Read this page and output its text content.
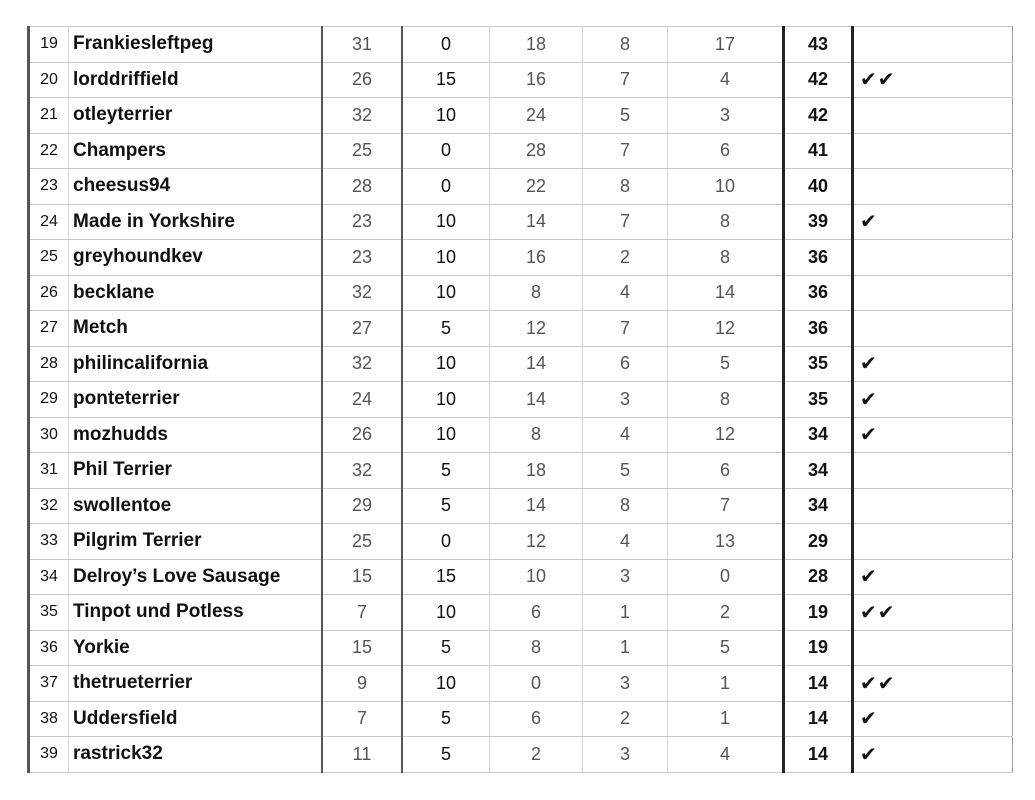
19	Frankiesleftpeg	31	0	18	8	17	43	
20	lorddriffield	26	15	16	7	4	42	✔✔
21	otleyterrier	32	10	24	5	3	42	
22	Champers	25	0	28	7	6	41	
23	cheesus94	28	0	22	8	10	40	
24	Made in Yorkshire	23	10	14	7	8	39	✔
25	greyhoundkev	23	10	16	2	8	36	
26	becklane	32	10	8	4	14	36	
27	Metch	27	5	12	7	12	36	
28	philincalifornia	32	10	14	6	5	35	✔
29	ponteterrier	24	10	14	3	8	35	✔
30	mozhudds	26	10	8	4	12	34	✔
31	Phil Terrier	32	5	18	5	6	34	
32	swollentoe	29	5	14	8	7	34	
33	Pilgrim Terrier	25	0	12	4	13	29	
34	Delroy’s Love Sausage	15	15	10	3	0	28	✔
35	Tinpot und Potless	7	10	6	1	2	19	✔✔
36	Yorkie	15	5	8	1	5	19	
37	thetrueterrier	9	10	0	3	1	14	✔✔
38	Uddersfield	7	5	6	2	1	14	✔
39	rastrick32	11	5	2	3	4	14	✔
